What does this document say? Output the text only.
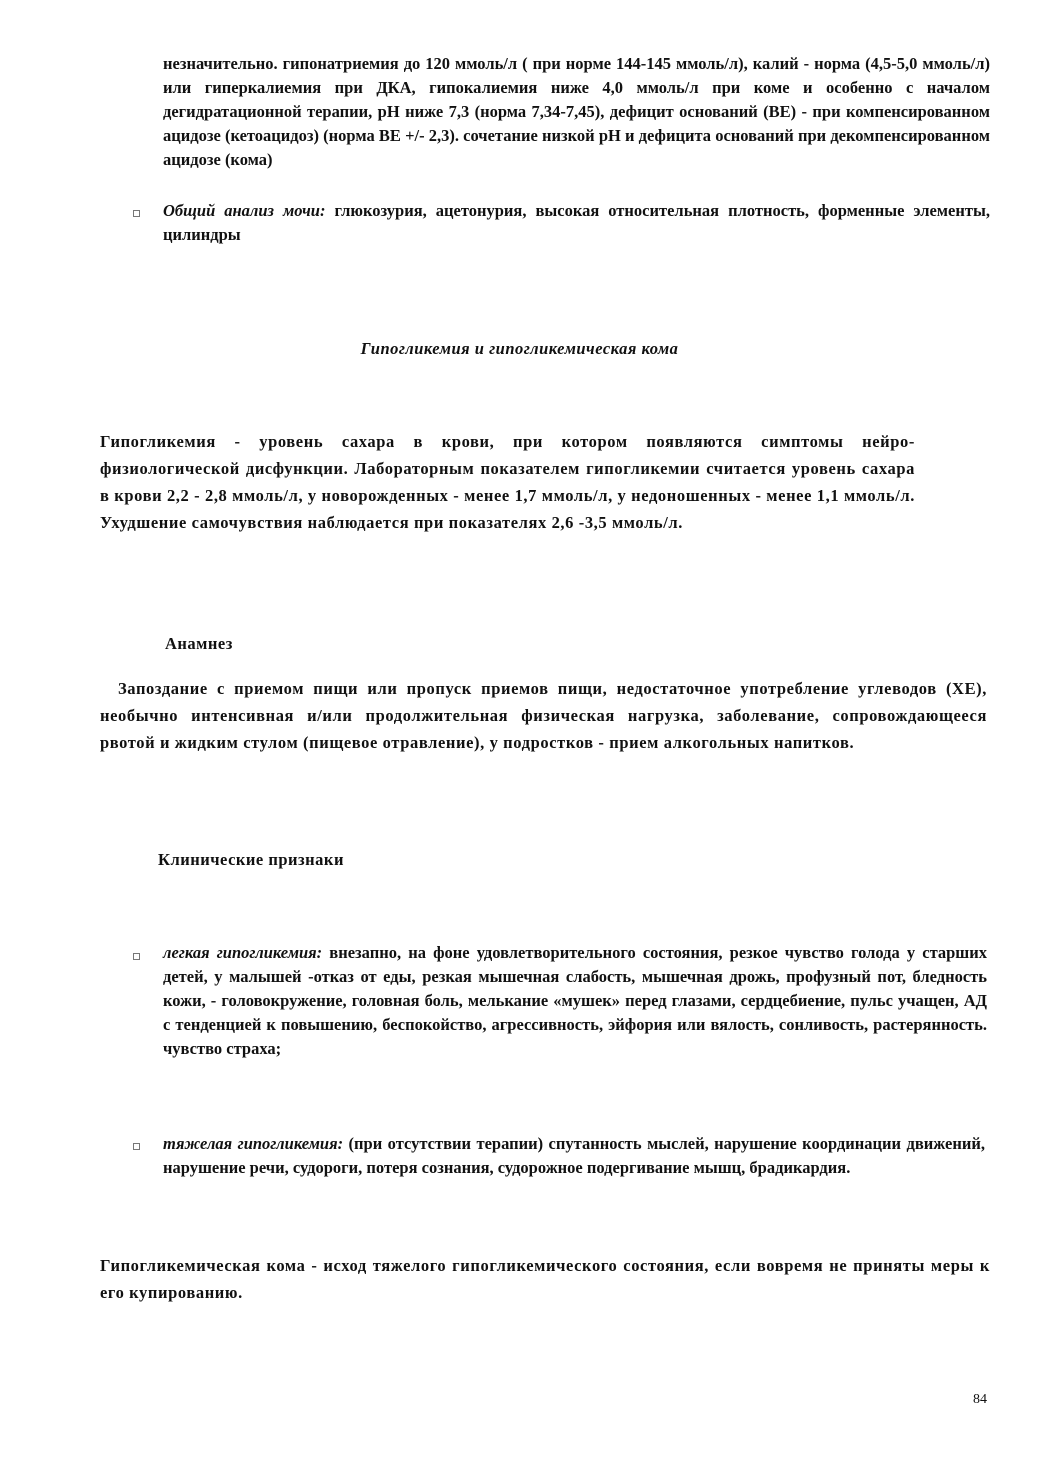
незначительно. гипонатриемия до 120 ммоль/л ( при норме 144-145 ммоль/л), калий - норма (4,5-5,0 ммоль/л) или гиперкалиемия при ДКА, гипокалиемия ниже 4,0 ммоль/л при коме и особенно с началом дегидратационной терапии, pH ниже 7,3 (норма 7,34-7,45), дефицит оснований (BE) - при компенсированном ацидозе (кетоацидоз) (норма BE +/- 2,3). сочетание низкой pH и дефицита оснований при декомпенсированном ацидозе (кома)

Общий анализ мочи: глюкозурия, ацетонурия, высокая относительная плотность, форменные элементы, цилиндры
Гипогликемия и гипогликемическая кома

Гипогликемия - уровень сахара в крови, при котором появляются симптомы нейро-физиологической дисфункции. Лабораторным показателем гипогликемии считается уровень сахара в крови 2,2 - 2,8 ммоль/л, у новорожденных - менее 1,7 ммоль/л, у недоношенных - менее 1,1 ммоль/л. Ухудшение самочувствия наблюдается при показателях 2,6 -3,5 ммоль/л.

Анамнез

Запоздание с приемом пищи или пропуск приемов пищи, недостаточное употребление углеводов (ХЕ), необычно интенсивная и/или продолжительная физическая нагрузка, заболевание, сопровождающееся рвотой и жидким стулом (пищевое отравление), у подростков - прием алкогольных напитков.

Клинические признаки
легкая гипогликемия: внезапно, на фоне удовлетворительного состояния, резкое чувство голода у старших детей, у малышей -отказ от еды, резкая мышечная слабость, мышечная дрожь, профузный пот, бледность кожи, - головокружение, головная боль, мелькание «мушек» перед глазами, сердцебиение, пульс учащен, АД с тенденцией к повышению, беспокойство, агрессивность, эйфория или вялость, сонливость, растерянность. чувство страха;
тяжелая гипогликемия: (при отсутствии терапии) спутанность мыслей, нарушение координации движений, нарушение речи, судороги, потеря сознания, судорожное подергивание мышц, брадикардия.

Гипогликемическая кома - исход тяжелого гипогликемического состояния, если вовремя не приняты меры к его купированию.

84
